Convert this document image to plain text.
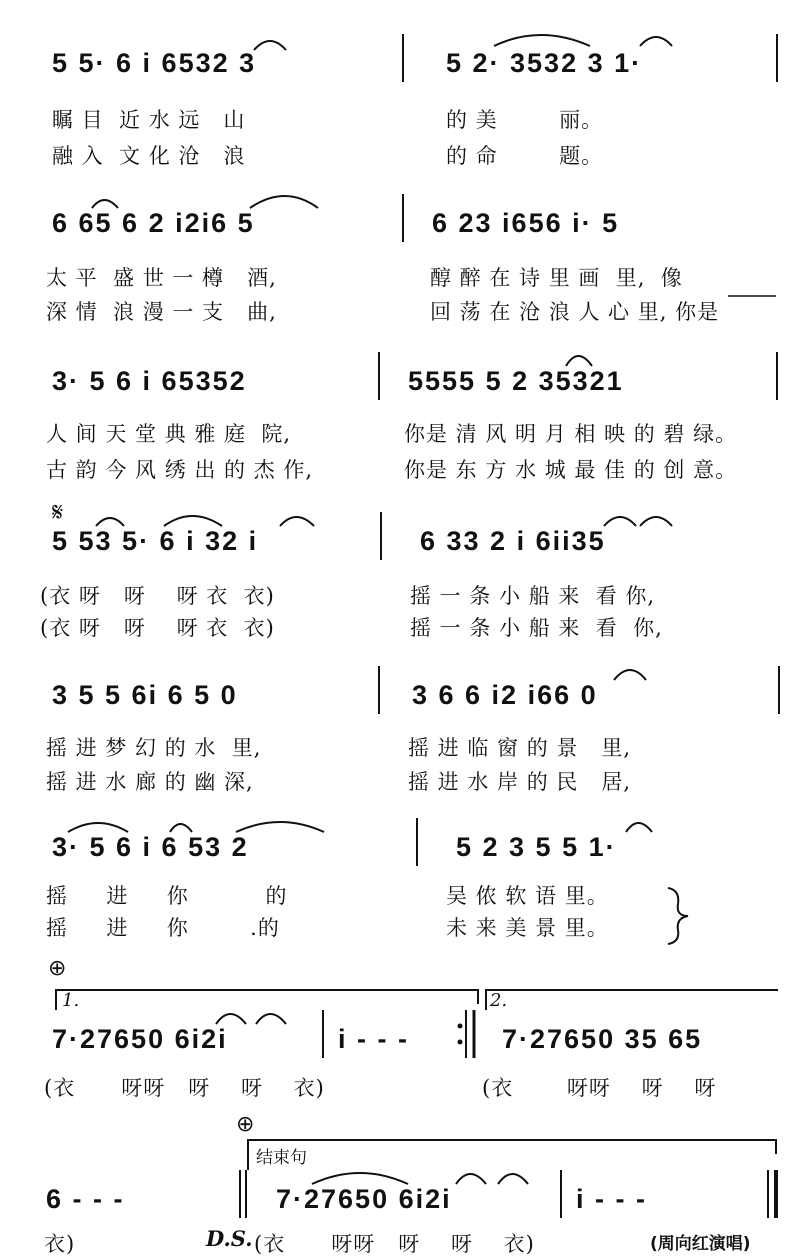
5 5· 6 i 6532 3	5 2· 3532 3 1·
瞩 目  近 水 远   山	的 美        丽。
融 入  文 化 沧   浪	的 命        题。
6 65 6 2 i2i6 5	6 23 i656 i· 5
太 平  盛 世 一 樽   酒,	醇 醉 在 诗 里 画  里,  像
深 情  浪 漫 一 支   曲,	回 荡 在 沧 浪 人 心 里, 你是
3· 5 6 i 65352	5555 5 2 35321
人 间 天 堂 典 雅 庭  院,	你是 清 风 明 月 相 映 的 碧 绿。
古 韵 今 风 绣 出 的 杰 作,	你是 东 方 水 城 最 佳 的 创 意。
𝄋
5 53 5· 6 i 32 i	6 33 2 i 6ii35
(衣 呀   呀    呀 衣  衣)	摇 一 条 小 船 来  看 你,
(衣 呀   呀    呀 衣  衣)	摇 一 条 小 船 来  看  你,
3 5 5 6i 6 5 0	3 6 6 i2 i66 0
摇 进 梦 幻 的 水  里,	摇 进 临 窗 的 景   里,
摇 进 水 廊 的 幽 深,	摇 进 水 岸 的 民   居,
3· 5 6 i 6 53 2	5 2 3 5 5 1·
摇     进     你          的	吴 侬 软 语 里。
摇     进     你        .的	未 来 美 景 里。
⊕
1.	2.
7·27650 6i2i	i - - -	7·27650 35 65
(衣      呀呀   呀    呀    衣)	(衣       呀呀    呀    呀
⊕
结束句
6 - - -	7·27650 6i2i	i - - -
衣)	D.S. (衣      呀呀   呀    呀    衣)	(周向红演唱)
